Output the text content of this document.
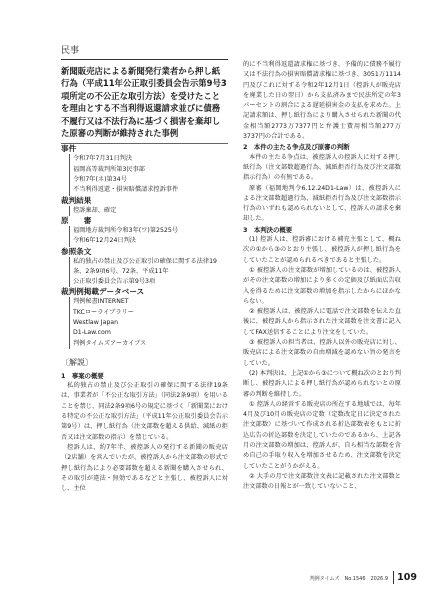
民事
新聞販売店による新聞発行業者から押し紙行為（平成11年公正取引委員会告示第9号3項所定の不公正な取引方法）を受けたことを理由とする不当利得返還請求並びに債務不履行又は不法行為に基づく損害を棄却した原審の判断が維持された事例
事件
令和7年7月31日判決
福岡高等裁判所第3民事部
令和7年(ネ)第34号
不当利得返還・損害賠償請求控訴事件
裁判結果
控訴棄却、確定
原　　審
福岡地方裁判所令和3年(ワ)第2525号
令和6年12月24日判決
参照条文
私的独占の禁止及び公正取引の確保に関する法律19条、2条9項6号、72条、平成11年
公正取引委員会告示第9号3項
裁判例掲載データベース
判例秘書INTERNET
TKCローライブラリー
Westlaw Japan
D1-Law.com
判例タイムズアーカイブス
〔解説〕
1　事案の概要
私的独占の禁止及び公正取引の確保に関する法律19条は、事業者が「不公正な取引方法」（同法2条9項）を用いることを禁じ、同法2条9項6号の規定に基づく「新聞業における特定の不公正な取引方法」（平成11年公正取引委員会告示第9号）は、押し紙行為（注文部数を超える供給、減紙の拒否又は注文部数の指示）を禁じている。
控訴人は、約7年半、被控訴人の発行する新聞の販売店（2店舗）を営んでいたが、被控訴人から注文部数の形式で押し紙行為により必要部数を超える新聞を購入させられ、その取引が違法・無効であるなどと主張し、被控訴人に対し、主位
的に不当利得返還請求権に基づき、予備的に債務不履行又は不法行為の損害賠償請求権に基づき、3051万1114円及びこれに対する令和2年12月1日（控訴人が販売店を廃業した日の翌日）から支払済みまで民法所定の年3パーセントの割合による遅延損害金の支払を求めた。上記請求額は、押し紙行為により購入させられた新聞の代金相当額2773万7377円と弁護士費用相当額277万3737円の合計である。
2　本件の主たる争点及び原審の判断
本件の主たる争点は、被控訴人の控訴人に対する押し紙行為（注文部数超過行為、減紙拒否行為及び注文部数指示行為）の有無である。
原審（福岡地判令6.12.24D1-Law）は、被控訴人による注文部数超過行為、減紙拒否行為及び注文部数指示行為のいずれも認められないとして、控訴人の請求を棄却した。
3　本判決の概要
(1) 控訴人は、控訴審における補充主張として、概ね次の①から③のとおり主張し、被控訴人が押し紙行為をしていたことが認められるべきであると主張した。
① 被控訴人の注文部数が増加しているのは、被控訴人がその注文部数の増加により多くの定価及び紙面広告収入を得るために注文部数の増加を指示したからにほかならない。
② 被控訴人は、被控訴人に電話で注文部数を伝えた直後に、被控訴人から指示された注文部数を注文書に記入してFAX送信することにより注文をしていた。
③ 被控訴人の担当者は、控訴人以外の販売店に対し、販売店による注文部数の自由増減を認めない旨の発言をしていた。
(2) 本判決は、上記①から③について概ね次のとおり判断し、被控訴人による押し紙行為が認められないとの原審の判断を維持した。
① 控訴人の経営する販売店の所在する地域では、毎年4月及び10月の販売店の定数（定数改定日に決定された注文部数）に基づいて作成される折込部数表をもとに折込広告の折込部数を決定していたのであるから、上記各月の注文部数の増加は、控訴人が、自ら相当な部数を含め自己の手取り収入を増加させるため、注文部数を決定していたことがうかがえる。
② 大手の月で注文部数注文表に記載された注文部数と注文部数の日報とが一致していないこと、
判例タイムズ　No.1546　2026.9 109
